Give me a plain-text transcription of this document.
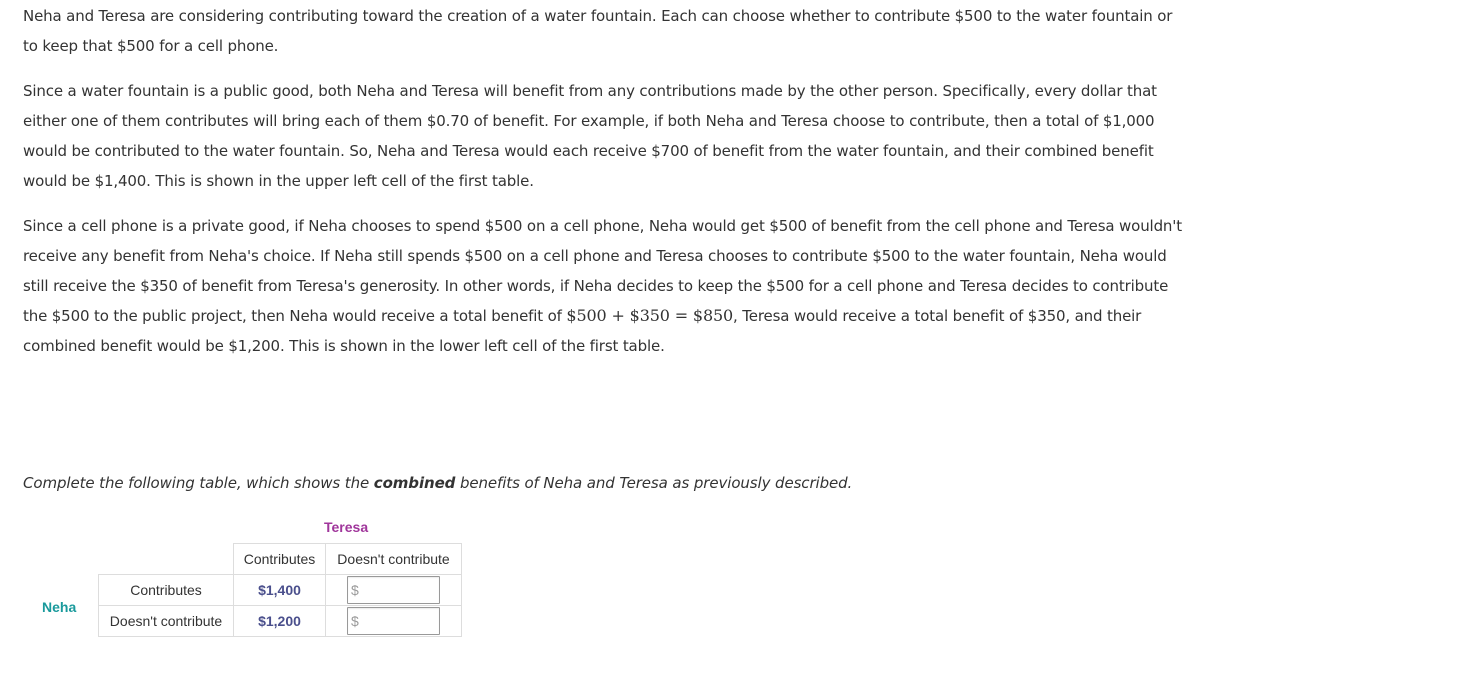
Neha and Teresa are considering contributing toward the creation of a water fountain. Each can choose whether to contribute $500 to the water fountain or to keep that $500 for a cell phone.

Since a water fountain is a public good, both Neha and Teresa will benefit from any contributions made by the other person. Specifically, every dollar that either one of them contributes will bring each of them $0.70 of benefit. For example, if both Neha and Teresa choose to contribute, then a total of $1,000 would be contributed to the water fountain. So, Neha and Teresa would each receive $700 of benefit from the water fountain, and their combined benefit would be $1,400. This is shown in the upper left cell of the first table.

Since a cell phone is a private good, if Neha chooses to spend $500 on a cell phone, Neha would get $500 of benefit from the cell phone and Teresa wouldn't receive any benefit from Neha's choice. If Neha still spends $500 on a cell phone and Teresa chooses to contribute $500 to the water fountain, Neha would still receive the $350 of benefit from Teresa's generosity. In other words, if Neha decides to keep the $500 for a cell phone and Teresa decides to contribute the $500 to the public project, then Neha would receive a total benefit of $500 + $350 = $850, Teresa would receive a total benefit of $350, and their combined benefit would be $1,200. This is shown in the lower left cell of the first table.

Complete the following table, which shows the combined benefits of Neha and Teresa as previously described.
Teresa
Neha
	Contributes	Doesn't contribute
Contributes	$1,400	$
Doesn't contribute	$1,200	$
